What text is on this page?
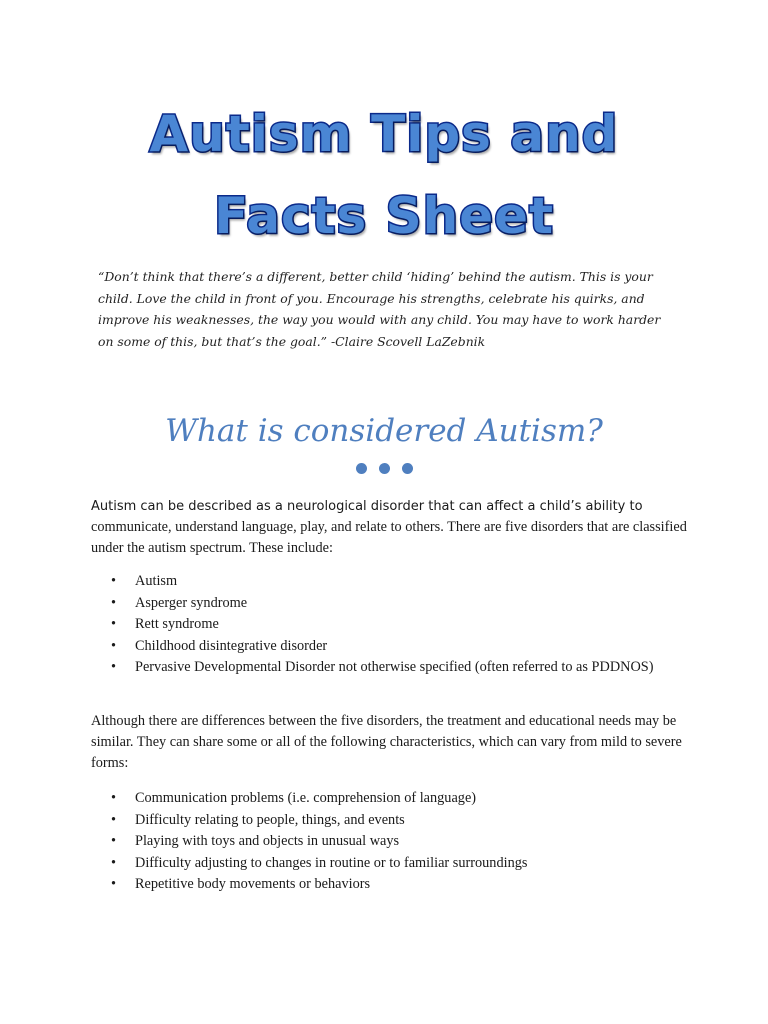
Autism Tips and
Facts Sheet

“Don’t think that there’s a different, better child ‘hiding’ behind the autism. This is your child. Love the child in front of you. Encourage his strengths, celebrate his quirks, and improve his weaknesses, the way you would with any child. You may have to work harder on some of this, but that’s the goal.” -Claire Scovell LaZebnik

What is considered Autism?

Autism can be described as a neurological disorder that can affect a child’s ability to communicate, understand language, play, and relate to others. There are five disorders that are classified under the autism spectrum. These include:

• Autism
• Asperger syndrome
• Rett syndrome
• Childhood disintegrative disorder
• Pervasive Developmental Disorder not otherwise specified (often referred to as PDDNOS)

Although there are differences between the five disorders, the treatment and educational needs may be similar. They can share some or all of the following characteristics, which can vary from mild to severe forms:

• Communication problems (i.e. comprehension of language)
• Difficulty relating to people, things, and events
• Playing with toys and objects in unusual ways
• Difficulty adjusting to changes in routine or to familiar surroundings
• Repetitive body movements or behaviors
